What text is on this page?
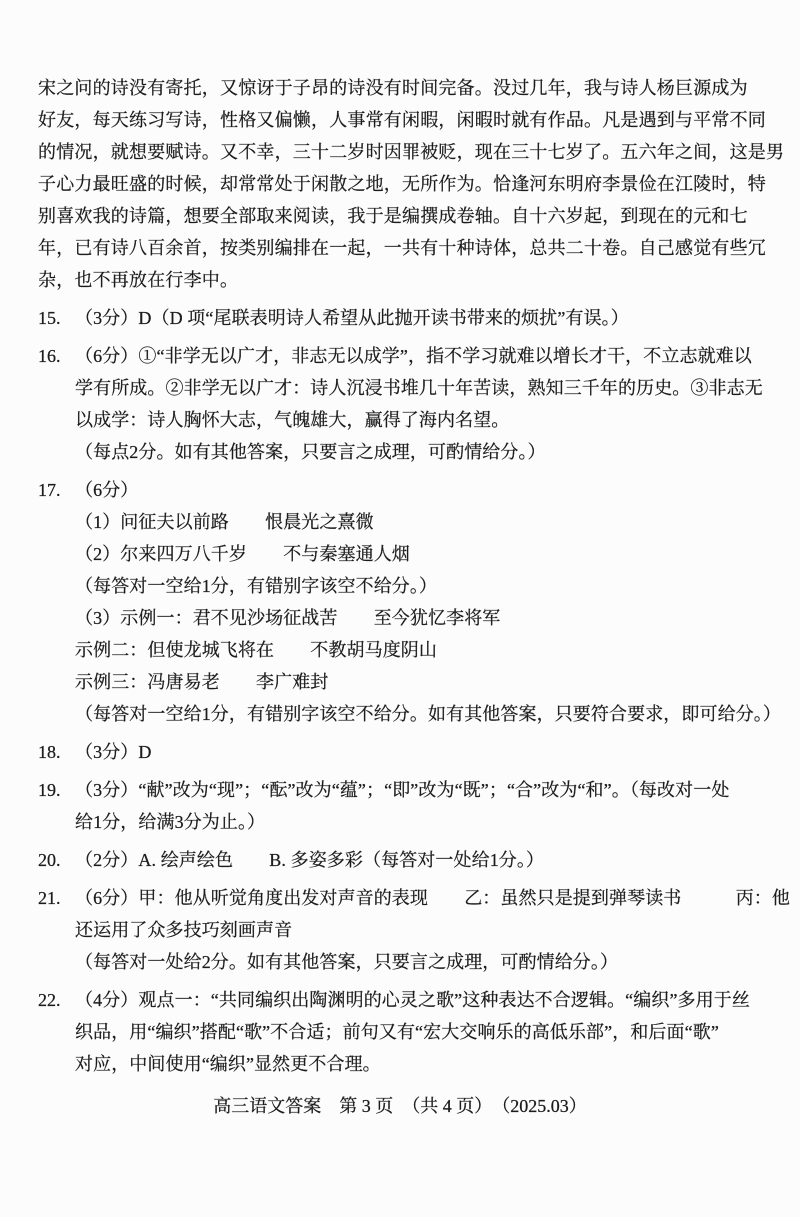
宋之问的诗没有寄托，又惊讶于子昂的诗没有时间完备。没过几年，我与诗人杨巨源成为
好友，每天练习写诗，性格又偏懒，人事常有闲暇，闲暇时就有作品。凡是遇到与平常不同
的情况，就想要赋诗。又不幸，三十二岁时因罪被贬，现在三十七岁了。五六年之间，这是男
子心力最旺盛的时候，却常常处于闲散之地，无所作为。恰逢河东明府李景俭在江陵时，特
别喜欢我的诗篇，想要全部取来阅读，我于是编撰成卷轴。自十六岁起，到现在的元和七
年，已有诗八百余首，按类别编排在一起，一共有十种诗体，总共二十卷。自己感觉有些冗
杂，也不再放在行李中。
15. （3分）D（D 项“尾联表明诗人希望从此抛开读书带来的烦扰”有误。）
16. （6分）①“非学无以广才，非志无以成学”，指不学习就难以增长才干，不立志就难以
学有所成。②非学无以广才：诗人沉浸书堆几十年苦读，熟知三千年的历史。③非志无
以成学：诗人胸怀大志，气魄雄大，赢得了海内名望。
（每点2分。如有其他答案，只要言之成理，可酌情给分。）
17. （6分）
（1）问征夫以前路　　恨晨光之熹微
（2）尔来四万八千岁　　不与秦塞通人烟
（每答对一空给1分，有错别字该空不给分。）
（3）示例一：君不见沙场征战苦　　至今犹忆李将军
示例二：但使龙城飞将在　　不教胡马度阴山
示例三：冯唐易老　　李广难封
（每答对一空给1分，有错别字该空不给分。如有其他答案，只要符合要求，即可给分。）
18. （3分）D
19. （3分）“献”改为“现”；“酝”改为“蕴”；“即”改为“既”；“合”改为“和”。（每改对一处
给1分，给满3分为止。）
20. （2分）A. 绘声绘色　　B. 多姿多彩（每答对一处给1分。）
21. （6分）甲：他从听觉角度出发对声音的表现　　乙：虽然只是提到弹琴读书　　　丙：他
还运用了众多技巧刻画声音
（每答对一处给2分。如有其他答案，只要言之成理，可酌情给分。）
22. （4分）观点一：“共同编织出陶渊明的心灵之歌”这种表达不合逻辑。“编织”多用于丝
织品，用“编织”搭配“歌”不合适；前句又有“宏大交响乐的高低乐部”，和后面“歌”
对应，中间使用“编织”显然更不合理。
高三语文答案　第 3 页　（共 4 页）　（2025.03）
